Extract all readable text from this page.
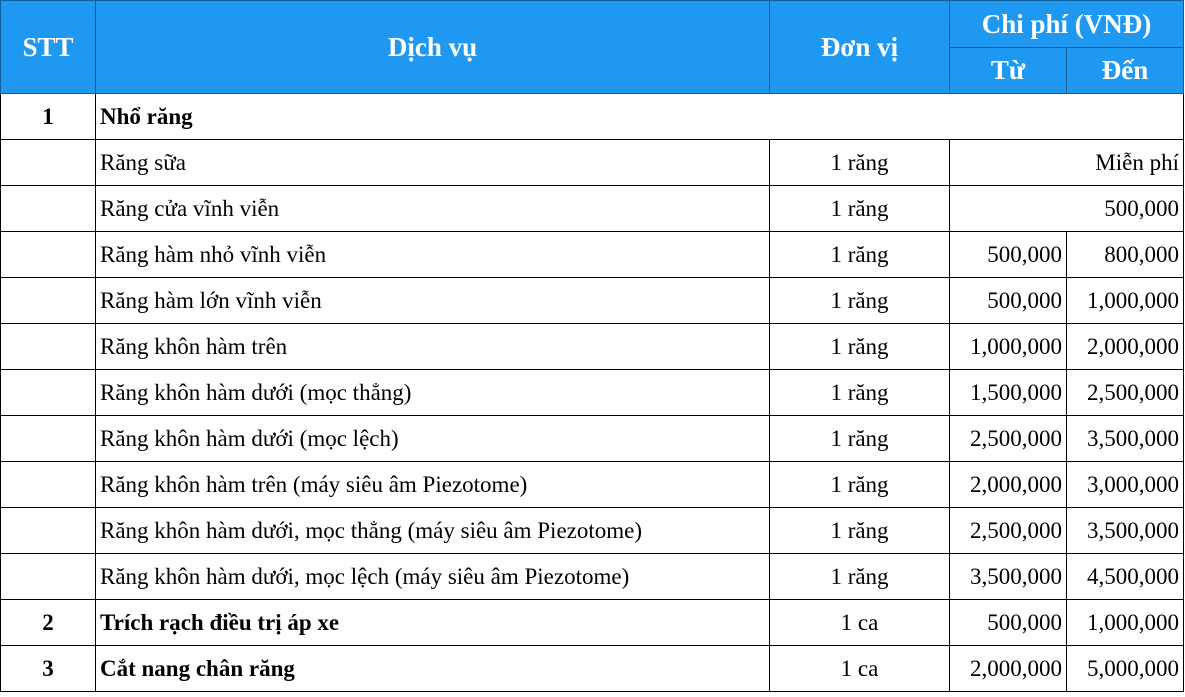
STT	Dịch vụ	Đơn vị	Chi phí (VNĐ)	
			Từ	Đến
1	Nhổ răng			
	Răng sữa	1 răng	Miễn phí	
	Răng cửa vĩnh viễn	1 răng	500,000	
	Răng hàm nhỏ vĩnh viễn	1 răng	500,000	800,000
	Răng hàm lớn vĩnh viễn	1 răng	500,000	1,000,000
	Răng khôn hàm trên	1 răng	1,000,000	2,000,000
	Răng khôn hàm dưới (mọc thẳng)	1 răng	1,500,000	2,500,000
	Răng khôn hàm dưới (mọc lệch)	1 răng	2,500,000	3,500,000
	Răng khôn hàm trên (máy siêu âm Piezotome)	1 răng	2,000,000	3,000,000
	Răng khôn hàm dưới, mọc thẳng (máy siêu âm Piezotome)	1 răng	2,500,000	3,500,000
	Răng khôn hàm dưới, mọc lệch (máy siêu âm Piezotome)	1 răng	3,500,000	4,500,000
2	Trích rạch điều trị áp xe	1 ca	500,000	1,000,000
3	Cắt nang chân răng	1 ca	2,000,000	5,000,000
